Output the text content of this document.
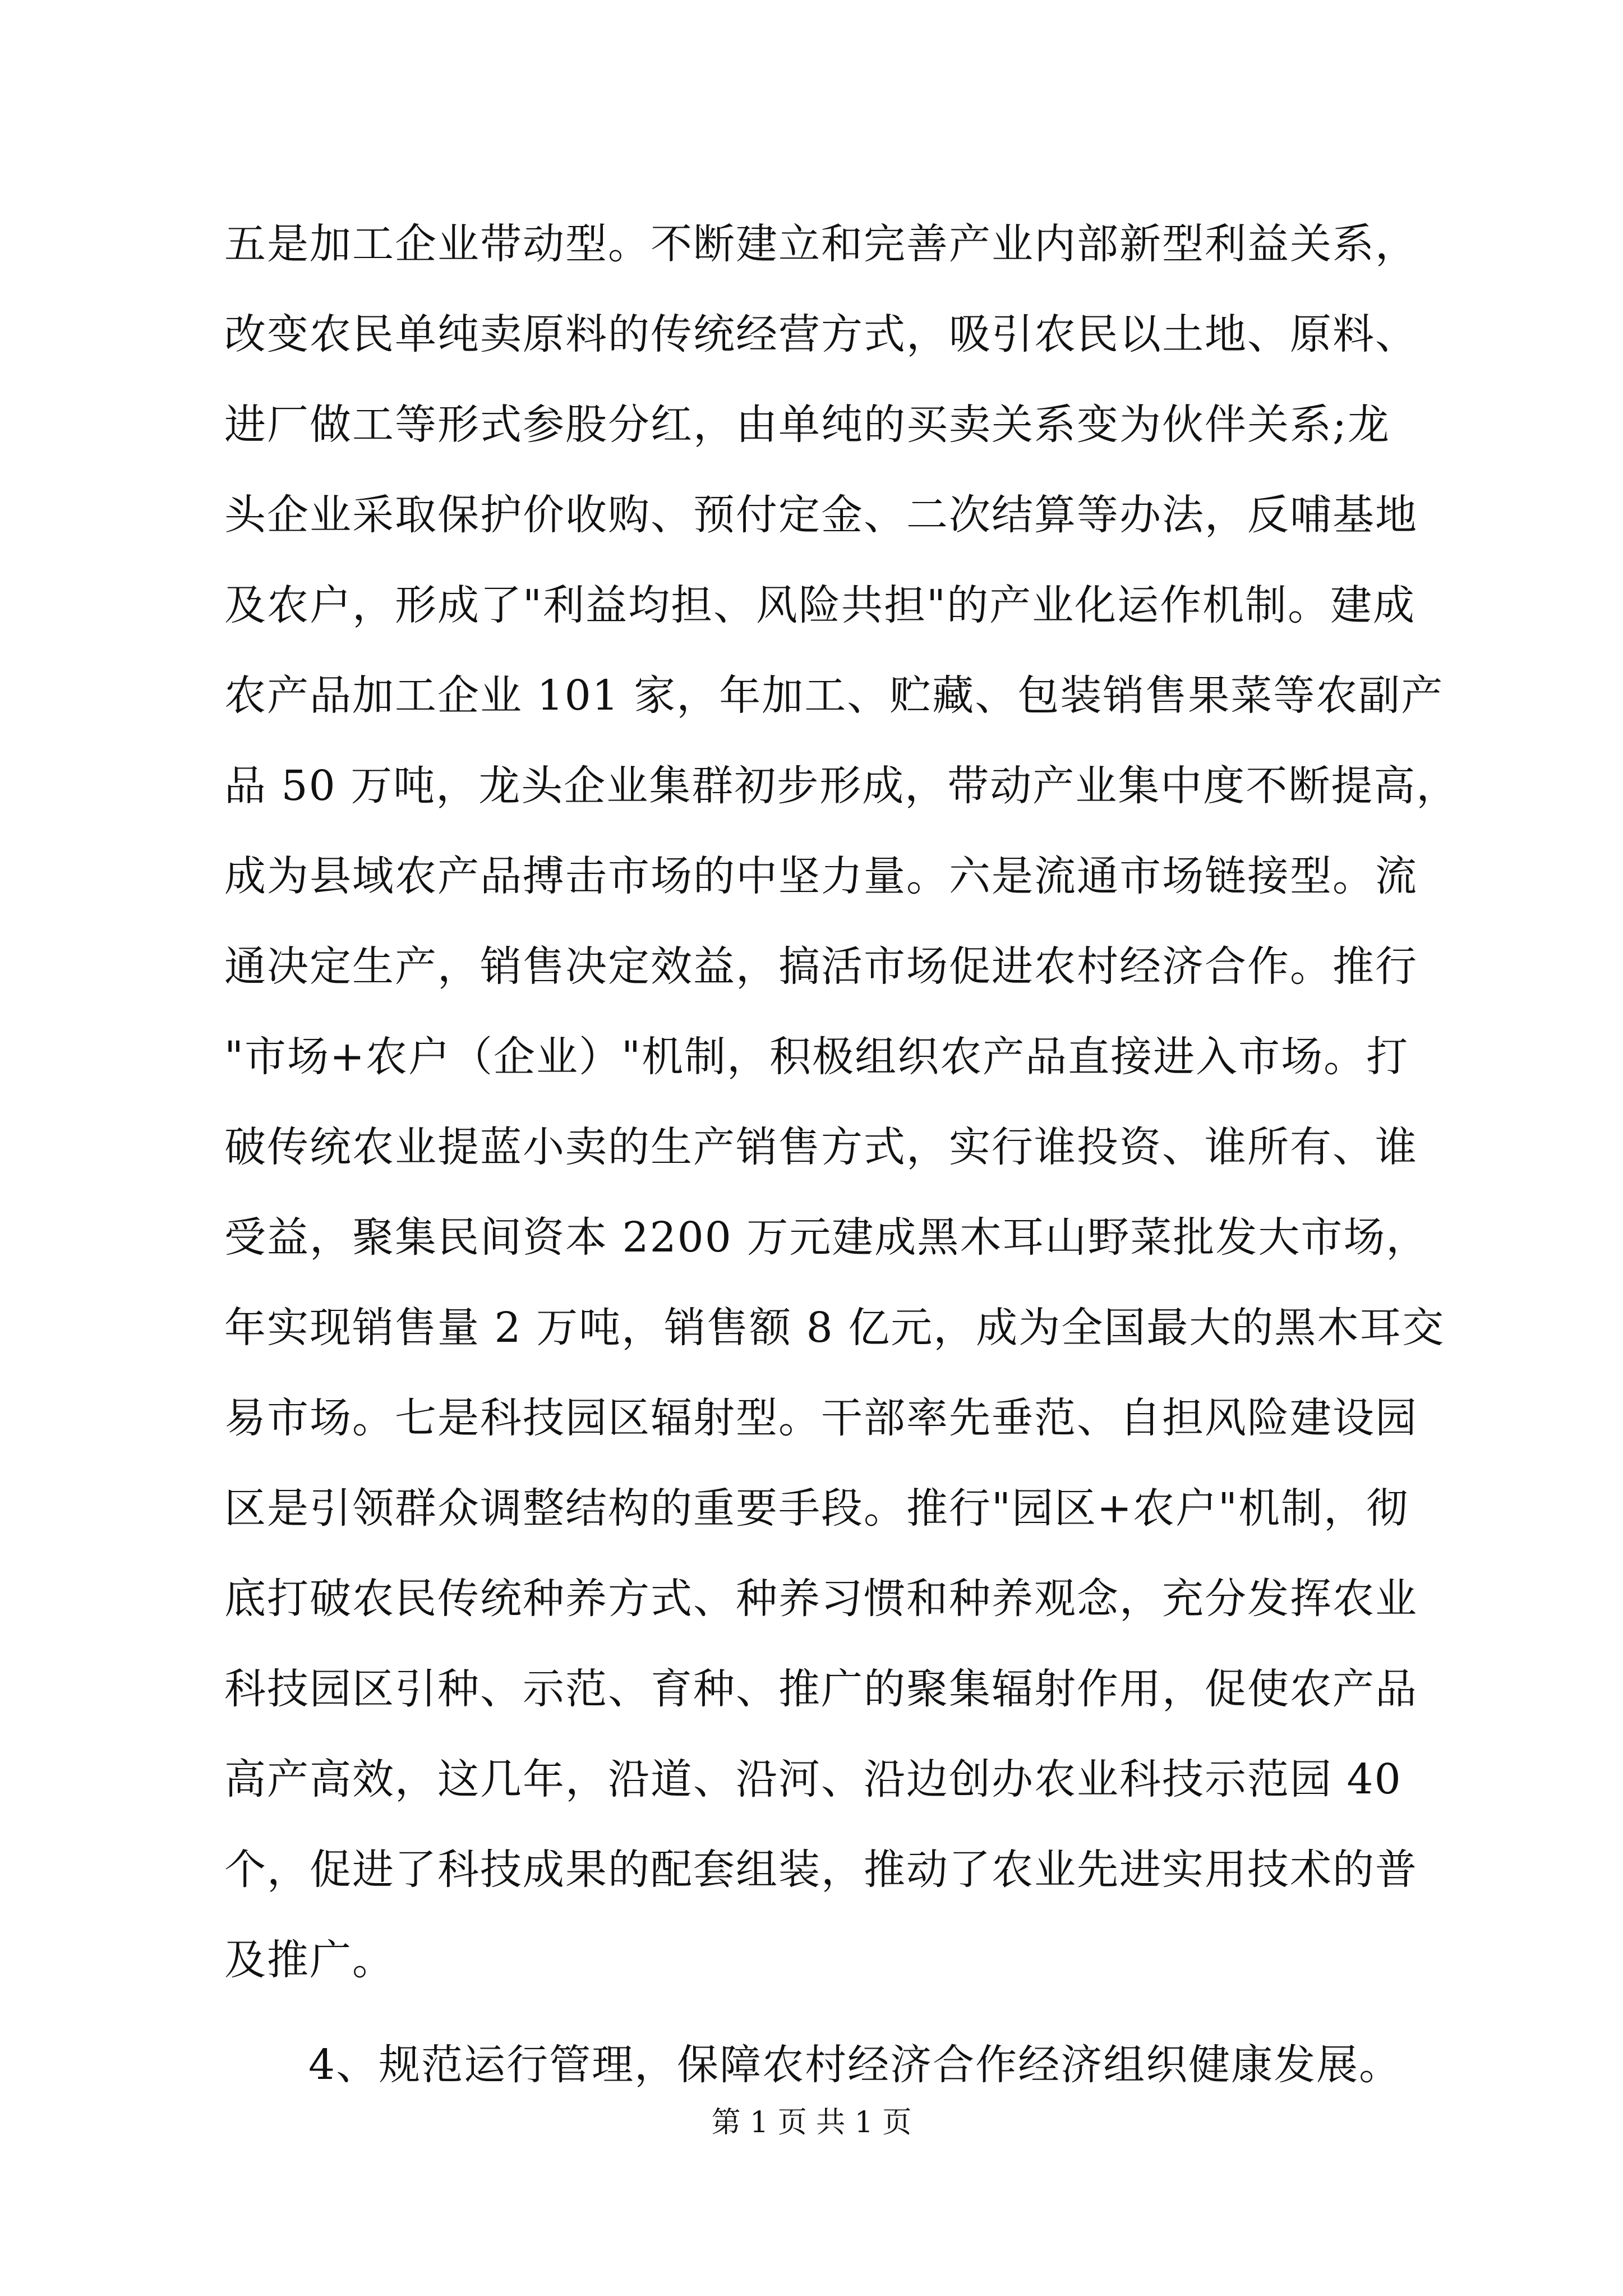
五是加工企业带动型。不断建立和完善产业内部新型利益关系，
改变农民单纯卖原料的传统经营方式，吸引农民以土地、原料、
进厂做工等形式参股分红，由单纯的买卖关系变为伙伴关系;龙
头企业采取保护价收购、预付定金、二次结算等办法，反哺基地
及农户，形成了"利益均担、风险共担"的产业化运作机制。建成
农产品加工企业 101 家，年加工、贮藏、包装销售果菜等农副产
品 50 万吨，龙头企业集群初步形成，带动产业集中度不断提高，
成为县域农产品搏击市场的中坚力量。六是流通市场链接型。流
通决定生产，销售决定效益，搞活市场促进农村经济合作。推行
"市场+农户（企业）"机制，积极组织农产品直接进入市场。打
破传统农业提蓝小卖的生产销售方式，实行谁投资、谁所有、谁
受益，聚集民间资本 2200 万元建成黑木耳山野菜批发大市场，
年实现销售量 2 万吨，销售额 8 亿元，成为全国最大的黑木耳交
易市场。七是科技园区辐射型。干部率先垂范、自担风险建设园
区是引领群众调整结构的重要手段。推行"园区+农户"机制，彻
底打破农民传统种养方式、种养习惯和种养观念，充分发挥农业
科技园区引种、示范、育种、推广的聚集辐射作用，促使农产品
高产高效，这几年，沿道、沿河、沿边创办农业科技示范园 40
个，促进了科技成果的配套组装，推动了农业先进实用技术的普
及推广。
4、规范运行管理，保障农村经济合作经济组织健康发展。
第 1 页 共 1 页
